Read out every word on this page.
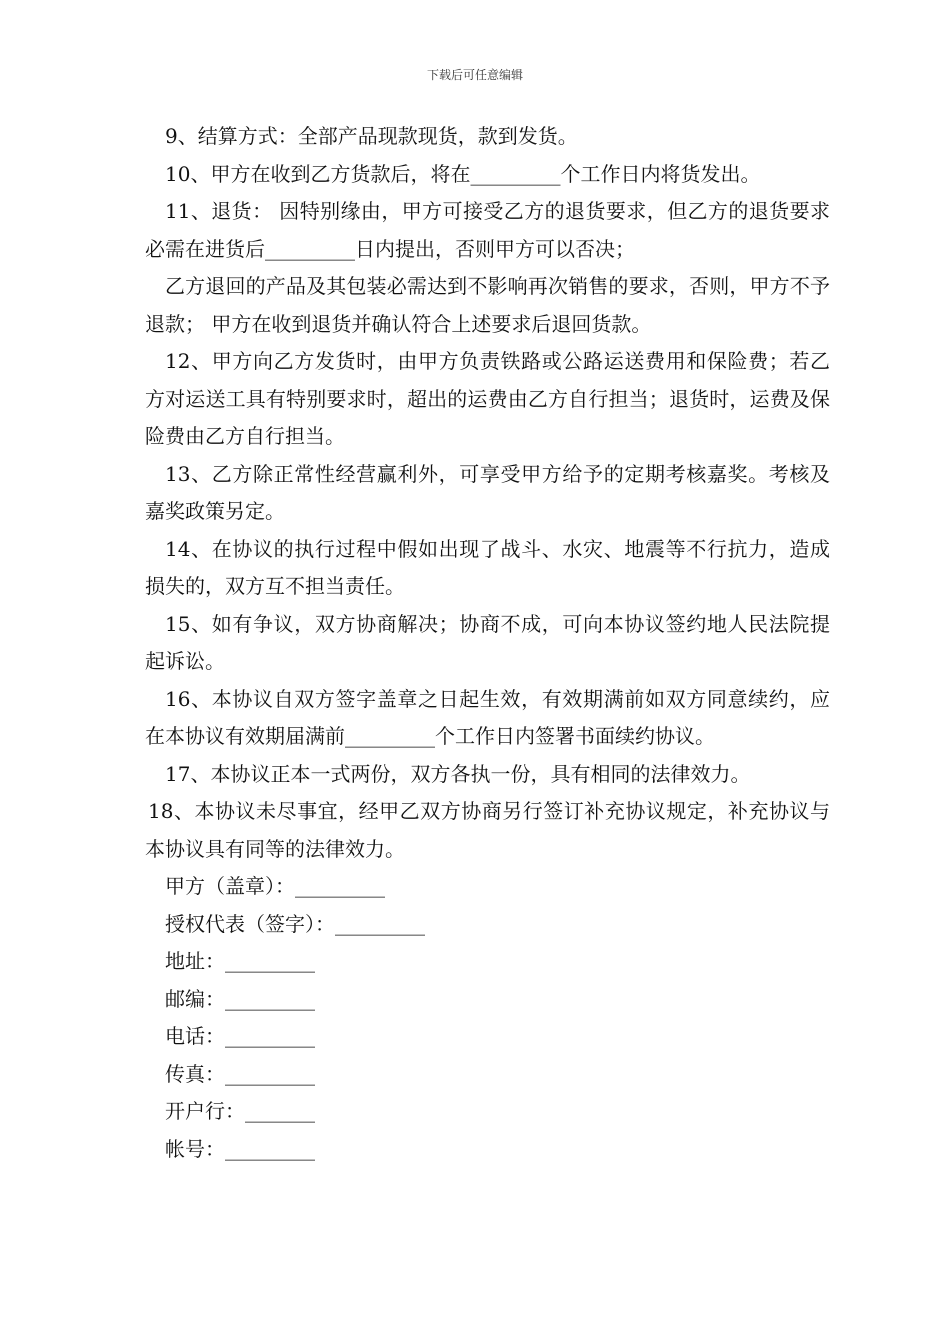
下载后可任意编辑

9、结算方式：全部产品现款现货，款到发货。

10、甲方在收到乙方货款后，将在_________个工作日内将货发出。

11、退货： 因特别缘由，甲方可接受乙方的退货要求，但乙方的退货要求必需在进货后_________日内提出，否则甲方可以否决；

乙方退回的产品及其包装必需达到不影响再次销售的要求，否则，甲方不予退款； 甲方在收到退货并确认符合上述要求后退回货款。

12、甲方向乙方发货时，由甲方负责铁路或公路运送费用和保险费；若乙方对运送工具有特别要求时，超出的运费由乙方自行担当；退货时，运费及保险费由乙方自行担当。

13、乙方除正常性经营赢利外，可享受甲方给予的定期考核嘉奖。考核及嘉奖政策另定。

14、在协议的执行过程中假如出现了战斗、水灾、地震等不行抗力，造成损失的，双方互不担当责任。

15、如有争议，双方协商解决；协商不成，可向本协议签约地人民法院提起诉讼。

16、本协议自双方签字盖章之日起生效，有效期满前如双方同意续约，应在本协议有效期届满前_________个工作日内签署书面续约协议。

17、本协议正本一式两份，双方各执一份，具有相同的法律效力。

18、本协议未尽事宜，经甲乙双方协商另行签订补充协议规定，补充协议与本协议具有同等的法律效力。

甲方（盖章）：_________

授权代表（签字）：_________

地址：_________

邮编：_________

电话：_________

传真：_________

开户行：_______

帐号：_________
